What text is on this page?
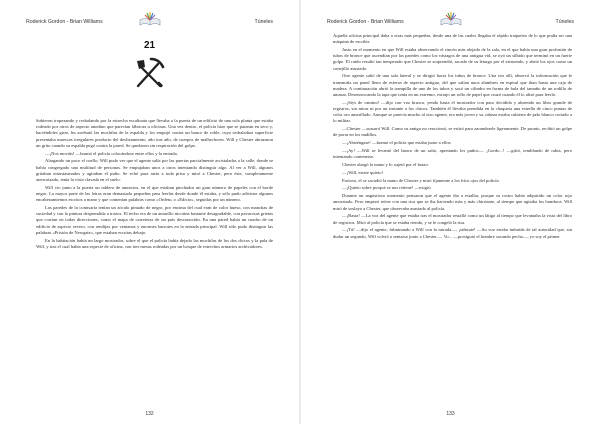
Roderick Gordon - Brian Williams	Túneles
21

Subieron tropezando y resbalando por la estrecha escalinata que llevaba a la puerta de un edificio de una sola planta que estaba rodeado por otros de aspecto anodino que parecían fábricas u oficinas. Una vez dentro, el policía hizo que se pararan en seco y, haciéndoles girar, les arrebató las mochilas de la espalda y los empujó contra un banco de roble, cuya resbaladiza superficie presentaba muescas irregulares producto del deslizamiento, año tras año, de cuerpos de malhechores. Will y Chester abrazaron un grito cuando su espalda pegó contra la pared. Se quedaron sin respiración del golpe.

—¡Nos mováis! —bramó el policía colocándose entre ellos y la entrada.

Alargando un poco el cuello, Will pudo ver que el agente salía por las puertas parcialmente acristaladas a la calle, donde se había congregado una multitud de personas. Se empujaban unos a otros intentando distinguir algo. Al ver a Will, algunos gritaban entusiasmados y agitaban el puño. Se echó para atrás a toda prisa y miró a Chester, pero éste, completamente aterrorizado, tenía la vista clavada en el suelo.

Will vio junto a la puerta un tablero de anuncios, en el que estaban pinchados un gran número de papeles con el borde negro. La mayor parte de las letras eran demasiado pequeñas para leerlas desde donde él estaba, y sólo pudo adivinar algunos encabezamientos escritos a mano y que contenían palabras como «Orden» o «Edicto», seguidas por un número.

Las paredes de la comisaría tenían un zócalo pintado de negro, por encima del cual eran de color hueso, con manchas de suciedad y con la pintura desprendida a trozos. El techo era de un amarillo nicotina bastante desagradable, con pavorosas grietas que corrían en todas direcciones, como el mapa de carreteras de un país desconocido. En una pared había un cuadro de un edificio de aspecto severo, con rendijas por ventanas y enormes barrotes en la entrada principal. Will sólo pudo distinguir las palabras «Prisión de Newgate», que estaban escritas debajo.

En la habitación había un largo mostrador, sobre el que el policía había dejado las mochilas de los dos chicos y la pala de Will, y tras el cual había una especie de oficina, con tres mesas rodeadas por un bosque de estrechos armarios archivadores.

132
Roderick Gordon - Brian Williams	Túneles

Aquella oficina principal daba a otras más pequeñas, desde una de las cuales llegaba el rápido traqueteo de lo que podía ser una máquina de escribir.

Justo en el momento en que Will estaba observando el rincón más alejado de la sala, en el que había una gran profusión de tubos de bronce que ascendían por las paredes como los vástagos de una antigua vid, se oyó un silbido que terminó en un fuerte golpe. El ruido resultó tan inesperado que Chester se sorprendió, sacado de su letargo por el estruendo, y abrió los ojos como un conejillo asustado.

Otro agente salió de una sala lateral y se dirigió hacia los tubos de bronce. Una vez allí, observó la información que le transmitía un panel lleno de esferas de aspecto antiguo, del que salían unos alambres en espiral que iban hasta una caja de madera. A continuación abrió la trampilla de uno de los tubos y sacó un cilindro en forma de bala del tamaño de un rodillo de amasar. Desenroscando la tapa que tenía en un extremo, extrajo un rollo de papel que cruzó cuando él lo alisó para leerlo.

—¡Stys de camino! —dijo con voz brusca, yendo hasta el mostrador con paso decidido y abriendo un libro grande de registros, sin mirar ni por un instante a los chicos. También él llevaba prendida en la chaqueta una estrella de cinco puntas de color oro amarillado. Aunque se parecía mucho al otro agente, era más joven y su cabeza estaba cubierta de pelo blanco cortado a lo militar.

—Chester —susurró Will. Como su amigo no reaccionó, se estiró para zarandearle ligeramente. De pronto, recibió un golpe de porra en los nudillos.

—¡Absténgase! —bramó el policía que estaba junto a ellos.

—¡Ay! —Will se levantó del banco de un salto, apretando los puños—. ¡Gordo...! —gritó, temblando de rabia, pero intentando contenerse.

Chester alargó la mano y lo sujetó por el brazo.

—¡Will, estate quieto!

Furioso, el se sacudió la mano de Chester y miró fijamente a los fríos ojos del policía.

—¡Quieto sobre porqué se nos retiene! —exigió.

Durante un angustioso momento pensaron que el agente iba a estallar, porque su rostro había adquirido un color rojo amoratado. Pero empezó reírse con una risa que se iba haciendo más y más chirriante, al tiempo que agitaba los hombros. Will miró de soslayo a Chester, que observaba asustado al policía.

—¡Basta! —La voz del agente que estaba tras el mostrador restalló como un látigo al tiempo que levantaba la vista del libro de registros. Miró al policía que se estaba riendo, y se le congeló la risa.

—¡Tú! —dijo el agente, fulminando a Will con la mirada—, ¡siéntate! —Su voz estaba imbuida de tal autoridad que, sin dudar un segundo, Will volvió a sentarse junto a Chester—. Vo... —prosiguió el hombre sacando pecho—, yo soy el primer

133
